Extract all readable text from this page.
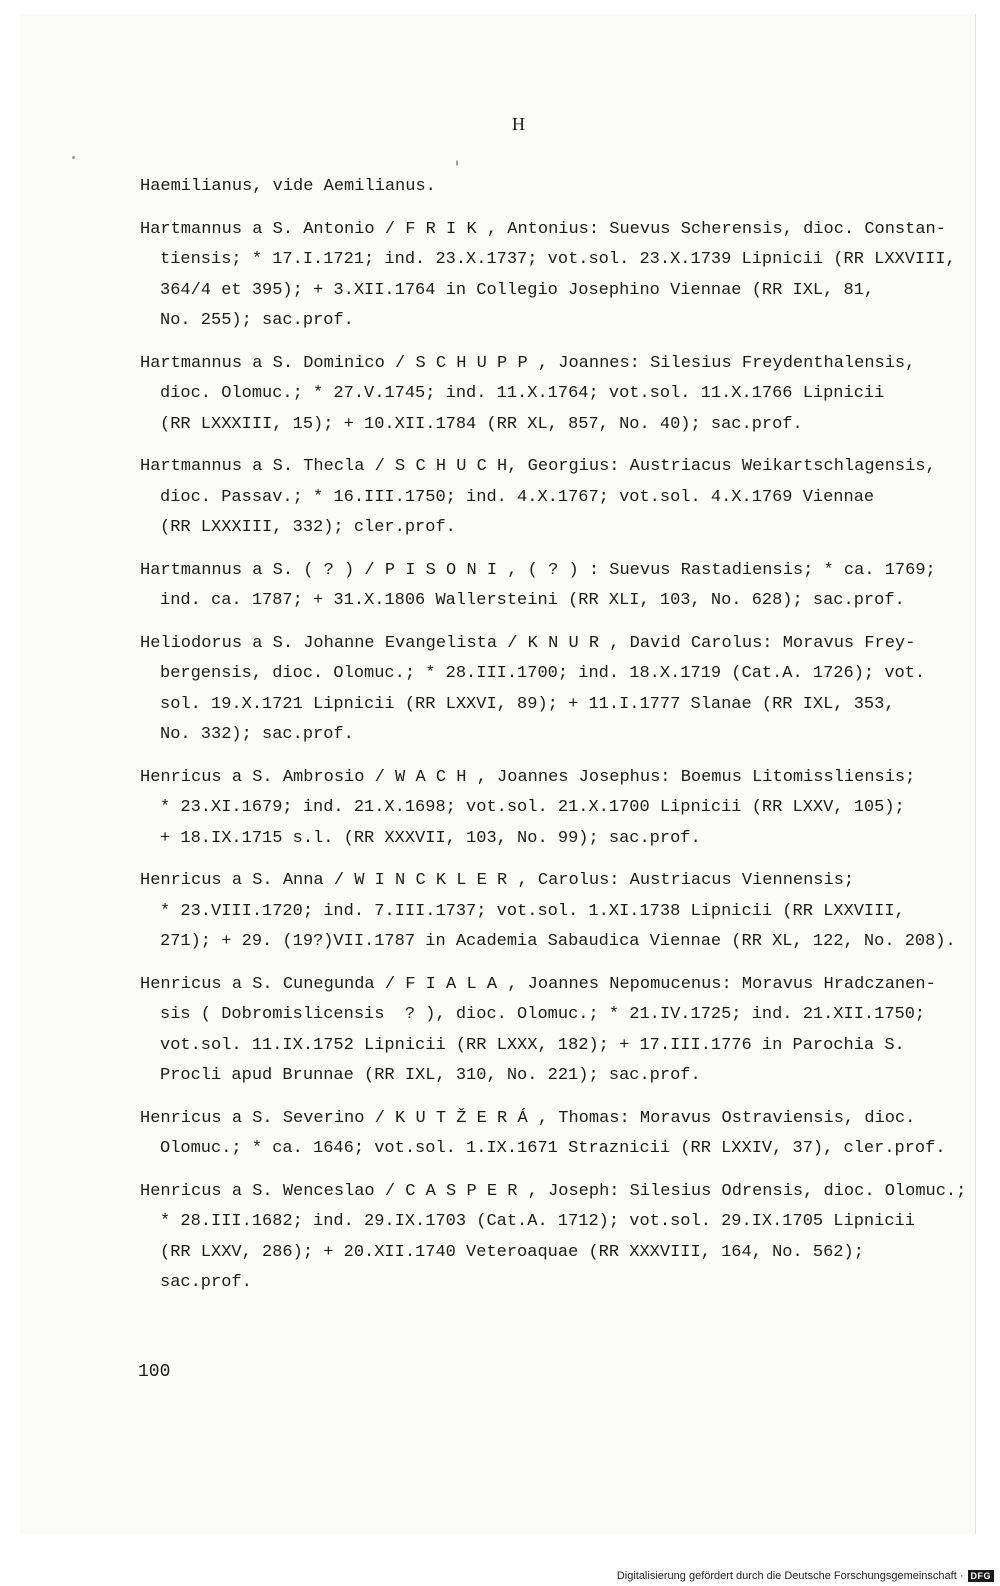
H
Haemilianus, vide Aemilianus.
Hartmannus a S. Antonio / F R I K , Antonius: Suevus Scherensis, dioc. Constan-
tiensis; * 17.I.1721; ind. 23.X.1737; vot.sol. 23.X.1739 Lipnicii (RR LXXVIII,
364/4 et 395); + 3.XII.1764 in Collegio Josephino Viennae (RR IXL, 81,
No. 255); sac.prof.
Hartmannus a S. Dominico / S C H U P P , Joannes: Silesius Freydenthalensis,
dioc. Olomuc.; * 27.V.1745; ind. 11.X.1764; vot.sol. 11.X.1766 Lipnicii
(RR LXXXIII, 15); + 10.XII.1784 (RR XL, 857, No. 40); sac.prof.
Hartmannus a S. Thecla / S C H U C H, Georgius: Austriacus Weikartschlagensis,
dioc. Passav.; * 16.III.1750; ind. 4.X.1767; vot.sol. 4.X.1769 Viennae
(RR LXXXIII, 332); cler.prof.
Hartmannus a S. ( ? ) / P I S O N I , ( ? ) : Suevus Rastadiensis; * ca. 1769;
ind. ca. 1787; + 31.X.1806 Wallersteini (RR XLI, 103, No. 628); sac.prof.
Heliodorus a S. Johanne Evangelista / K N U R , David Carolus: Moravus Frey-
bergensis, dioc. Olomuc.; * 28.III.1700; ind. 18.X.1719 (Cat.A. 1726); vot.
sol. 19.X.1721 Lipnicii (RR LXXVI, 89); + 11.I.1777 Slanae (RR IXL, 353,
No. 332); sac.prof.
Henricus a S. Ambrosio / W A C H , Joannes Josephus: Boemus Litomissliensis;
* 23.XI.1679; ind. 21.X.1698; vot.sol. 21.X.1700 Lipnicii (RR LXXV, 105);
+ 18.IX.1715 s.l. (RR XXXVII, 103, No. 99); sac.prof.
Henricus a S. Anna / W I N C K L E R , Carolus: Austriacus Viennensis;
* 23.VIII.1720; ind. 7.III.1737; vot.sol. 1.XI.1738 Lipnicii (RR LXXVIII,
271); + 29. (19?)VII.1787 in Academia Sabaudica Viennae (RR XL, 122, No. 208).
Henricus a S. Cunegunda / F I A L A , Joannes Nepomucenus: Moravus Hradczanen-
sis ( Dobromislicensis  ? ), dioc. Olomuc.; * 21.IV.1725; ind. 21.XII.1750;
vot.sol. 11.IX.1752 Lipnicii (RR LXXX, 182); + 17.III.1776 in Parochia S.
Procli apud Brunnae (RR IXL, 310, No. 221); sac.prof.
Henricus a S. Severino / K U T Ž E R Á , Thomas: Moravus Ostraviensis, dioc.
Olomuc.; * ca. 1646; vot.sol. 1.IX.1671 Straznicii (RR LXXIV, 37), cler.prof.
Henricus a S. Wenceslao / C A S P E R , Joseph: Silesius Odrensis, dioc. Olomuc.;
* 28.III.1682; ind. 29.IX.1703 (Cat.A. 1712); vot.sol. 29.IX.1705 Lipnicii
(RR LXXV, 286); + 20.XII.1740 Veteroaquae (RR XXXVIII, 164, No. 562);
sac.prof.
100
Digitalisierung gefördert durch die Deutsche Forschungsgemeinschaft · DFG
